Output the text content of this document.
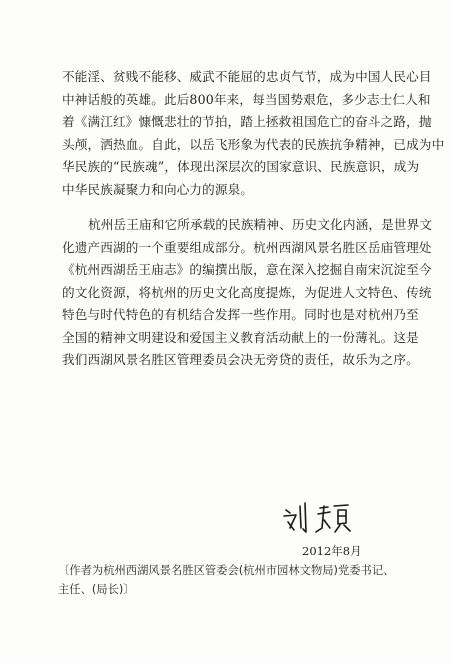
不能淫、贫贱不能移、威武不能屈的忠贞气节，成为中国人民心目
中神话般的英雄。此后800年来，每当国势艰危，多少志士仁人和
着《满江红》慷慨悲壮的节拍，踏上拯救祖国危亡的奋斗之路，抛
头颅，洒热血。自此，以岳飞形象为代表的民族抗争精神，已成为中
华民族的“民族魂”，体现出深层次的国家意识、民族意识，成为
中华民族凝聚力和向心力的源泉。
杭州岳王庙和它所承载的民族精神、历史文化内涵，是世界文
化遗产西湖的一个重要组成部分。杭州西湖风景名胜区岳庙管理处
《杭州西湖岳王庙志》的编撰出版，意在深入挖掘自南宋沉淀至今
的文化资源，将杭州的历史文化高度提炼，为促进人文特色、传统
特色与时代特色的有机结合发挥一些作用。同时也是对杭州乃至
全国的精神文明建设和爱国主义教育活动献上的一份薄礼。这是
我们西湖风景名胜区管理委员会决无旁贷的责任，故乐为之序。
2012年8月
〔作者为杭州西湖风景名胜区管委会(杭州市园林文物局)党委书记、
主任、(局长)〕
